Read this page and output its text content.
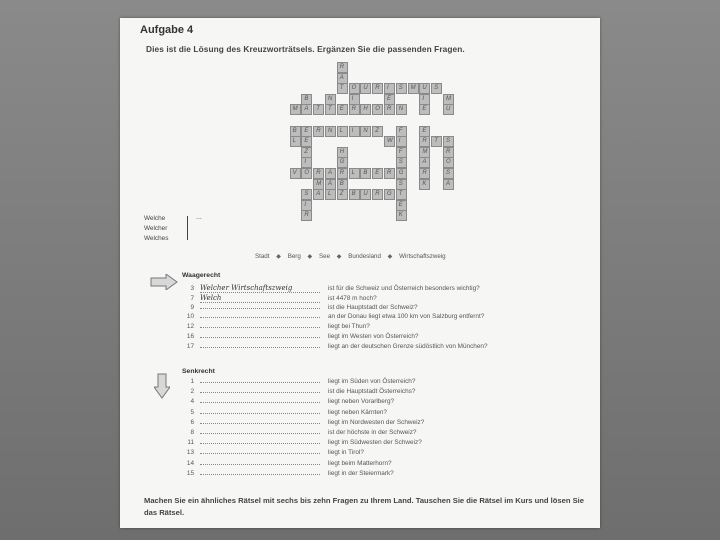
Aufgabe 4
Dies ist die Lösung des Kreuzworträtsels. Ergänzen Sie die passenden Fragen.
R
A
T O U R I S M U S
B	N	I	E	I	M
M A T T E R H O R N	E	U
B E R N L I N Z	F	E
L E	W I	R T S
Z	H	F	M	R
I	G	S	A	O
V O R A R L B E R G	R	S
M A B	S	K	A
S A L Z B U R G T
I	E
R	K
Welche
Welcher
Welches
...
Stadt ◆ Berg ◆ See ◆ Bundesland ◆ Wirtschaftszweig
Waagerecht
3 Welcher Wirtschaftszweig	ist für die Schweiz und Österreich besonders wichtig?
7 Welch	ist 4478 m hoch?
9	ist die Hauptstadt der Schweiz?
10	an der Donau liegt etwa 100 km von Salzburg entfernt?
12	liegt bei Thun?
16	liegt im Westen von Österreich?
17	liegt an der deutschen Grenze südöstlich von München?
Senkrecht
1	liegt im Süden von Österreich?
2	ist die Hauptstadt Österreichs?
4	liegt neben Vorarlberg?
5	liegt neben Kärnten?
6	liegt im Nordwesten der Schweiz?
8	ist der höchste in der Schweiz?
11	liegt im Südwesten der Schweiz?
13	liegt in Tirol?
14	liegt beim Matterhorn?
15	liegt in der Steiermark?
Machen Sie ein ähnliches Rätsel mit sechs bis zehn Fragen zu Ihrem Land. Tauschen Sie die Rätsel im Kurs und lösen Sie das Rätsel.
